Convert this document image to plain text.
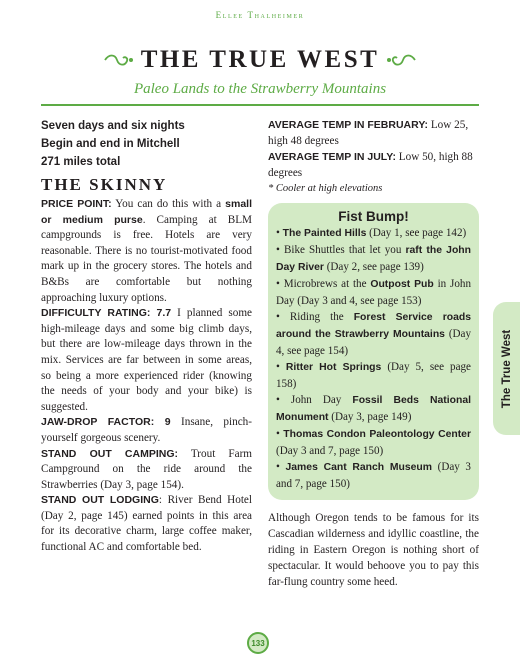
Ellee Thalheimer
THE TRUE WEST
Paleo Lands to the Strawberry Mountains
Seven days and six nights
Begin and end in Mitchell
271 miles total
THE SKINNY
PRICE POINT: You can do this with a small or medium purse. Camping at BLM campgrounds is free. Hotels are very reasonable. There is no tourist-motivated food mark up in the grocery stores. The hotels and B&Bs are comfortable but nothing approaching luxury options.
DIFFICULTY RATING: 7.7 I planned some high-mileage days and some big climb days, but there are low-mileage days thrown in the mix. Services are far between in some areas, so being a more experienced rider (knowing the needs of your body and your bike) is suggested.
JAW-DROP FACTOR: 9 Insane, pinch-yourself gorgeous scenery.
STAND OUT CAMPING: Trout Farm Campground on the ride around the Strawberries (Day 3, page 154).
STAND OUT LODGING: River Bend Hotel (Day 2, page 145) earned points in this area for its decorative charm, large coffee maker, functional AC and comfortable bed.
AVERAGE TEMP IN FEBRUARY: Low 25, high 48 degrees
AVERAGE TEMP IN JULY: Low 50, high 88 degrees
* Cooler at high elevations
Fist Bump!
• The Painted Hills (Day 1, see page 142)
• Bike Shuttles that let you raft the John Day River (Day 2, see page 139)
• Microbrews at the Outpost Pub in John Day (Day 3 and 4, see page 153)
• Riding the Forest Service roads around the Strawberry Mountains (Day 4, see page 154)
• Ritter Hot Springs (Day 5, see page 158)
• John Day Fossil Beds National Monument (Day 3, page 149)
• Thomas Condon Paleontology Center (Day 3 and 7, page 150)
• James Cant Ranch Museum (Day 3 and 7, page 150)
Although Oregon tends to be famous for its Cascadian wilderness and idyllic coastline, the riding in Eastern Oregon is nothing short of spectacular. It would behoove you to pay this far-flung country some heed.
The True West
133
